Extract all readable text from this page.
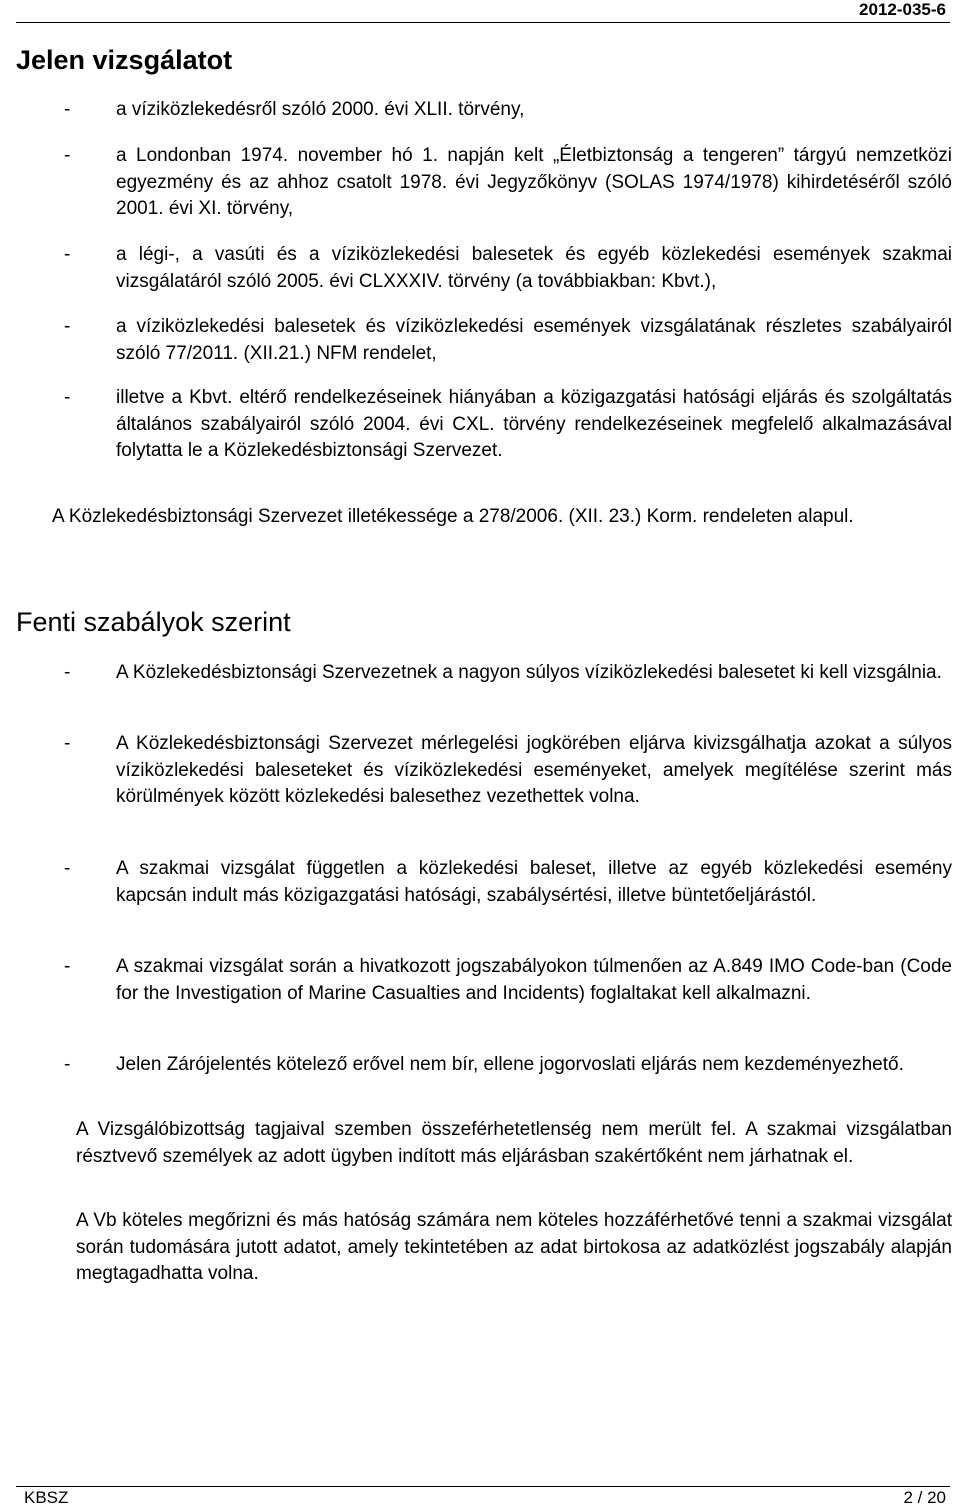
2012-035-6
Jelen vizsgálatot
- a víziközlekedésről szóló 2000. évi XLII. törvény,
- a Londonban 1974. november hó 1. napján kelt „Életbiztonság a tengeren” tárgyú nemzetközi egyezmény és az ahhoz csatolt 1978. évi Jegyzőkönyv (SOLAS 1974/1978) kihirdetéséről szóló 2001. évi XI. törvény,
- a légi-, a vasúti és a víziközlekedési balesetek és egyéb közlekedési események szakmai vizsgálatáról szóló 2005. évi CLXXXIV. törvény (a továbbiakban: Kbvt.),
- a víziközlekedési balesetek és víziközlekedési események vizsgálatának részletes szabályairól szóló 77/2011. (XII.21.) NFM rendelet,
- illetve a Kbvt. eltérő rendelkezéseinek hiányában a közigazgatási hatósági eljárás és szolgáltatás általános szabályairól szóló 2004. évi CXL. törvény rendelkezéseinek megfelelő alkalmazásával folytatta le a Közlekedésbiztonsági Szervezet.

A Közlekedésbiztonsági Szervezet illetékessége a 278/2006. (XII. 23.) Korm. rendeleten alapul.

Fenti szabályok szerint
- A Közlekedésbiztonsági Szervezetnek a nagyon súlyos víziközlekedési balesetet ki kell vizsgálnia.
- A Közlekedésbiztonsági Szervezet mérlegelési jogkörében eljárva kivizsgálhatja azokat a súlyos víziközlekedési baleseteket és víziközlekedési eseményeket, amelyek megítélése szerint más körülmények között közlekedési balesethez vezethettek volna.
- A szakmai vizsgálat független a közlekedési baleset, illetve az egyéb közlekedési esemény kapcsán indult más közigazgatási hatósági, szabálysértési, illetve büntetőeljárástól.
- A szakmai vizsgálat során a hivatkozott jogszabályokon túlmenően az A.849 IMO Code-ban (Code for the Investigation of Marine Casualties and Incidents) foglaltakat kell alkalmazni.
- Jelen Zárójelentés kötelező erővel nem bír, ellene jogorvoslati eljárás nem kezdeményezhető.

A Vizsgálóbizottság tagjaival szemben összeférhetetlenség nem merült fel. A szakmai vizsgálatban résztvevő személyek az adott ügyben indított más eljárásban szakértőként nem járhatnak el.

A Vb köteles megőrizni és más hatóság számára nem köteles hozzáférhetővé tenni a szakmai vizsgálat során tudomására jutott adatot, amely tekintetében az adat birtokosa az adatközlést jogszabály alapján megtagadhatta volna.

KBSZ	2 / 20
